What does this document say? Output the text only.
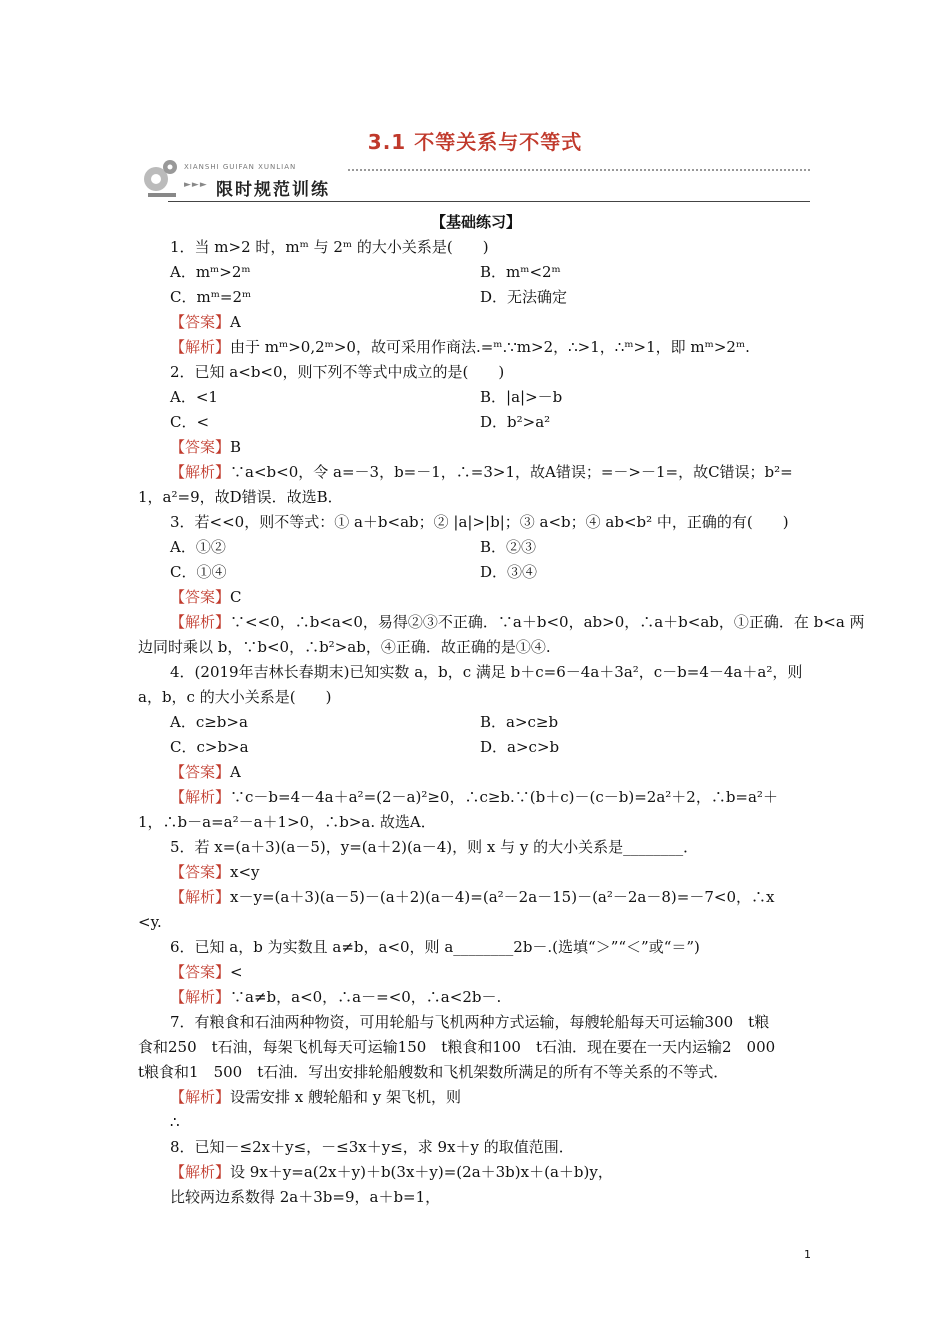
3.1 不等关系与不等式
XIANSHI GUIFAN XUNLIAN
►►► 限时规范训练
【基础练习】
1．当 m>2 时，mᵐ 与 2ᵐ 的大小关系是(　　)
A．mᵐ>2ᵐ	B．mᵐ<2ᵐ
C．mᵐ=2ᵐ	D．无法确定
【答案】A
【解析】由于 mᵐ>0,2ᵐ>0，故可采用作商法.=ᵐ.∵m>2，∴>1，∴ᵐ>1，即 mᵐ>2ᵐ.
2．已知 a<b<0，则下列不等式中成立的是(　　)
A．<1	B．|a|>－b
C．<	D．b²>a²
【答案】B
【解析】∵a<b<0，令 a=－3，b=－1，∴=3>1，故A错误；=－>－1=，故C错误；b²=
1，a²=9，故D错误．故选B．
3．若<<0，则不等式：① a＋b<ab；② |a|>|b|；③ a<b；④ ab<b² 中，正确的有(　　)
A．①②	B．②③
C．①④	D．③④
【答案】C
【解析】∵<<0，∴b<a<0，易得②③不正确．∵a＋b<0，ab>0，∴a＋b<ab，①正确．在 b<a 两
边同时乘以 b，∵b<0，∴b²>ab，④正确．故正确的是①④.
4．(2019年吉林长春期末)已知实数 a，b，c 满足 b＋c=6－4a＋3a²，c－b=4－4a＋a²，则
a，b，c 的大小关系是(　　)
A．c≥b>a	B．a>c≥b
C．c>b>a	D．a>c>b
【答案】A
【解析】∵c－b=4－4a＋a²=(2－a)²≥0，∴c≥b.∵(b＋c)－(c－b)=2a²＋2，∴b=a²＋
1，∴b－a=a²－a＋1>0，∴b>a. 故选A．
5．若 x=(a＋3)(a－5)，y=(a＋2)(a－4)，则 x 与 y 的大小关系是________．
【答案】x<y
【解析】x－y=(a＋3)(a－5)－(a＋2)(a－4)=(a²－2a－15)－(a²－2a－8)=－7<0，∴x
<y.
6．已知 a，b 为实数且 a≠b，a<0，则 a________2b－.(选填“＞”“＜”或“＝”)
【答案】<
【解析】∵a≠b，a<0，∴a－=<0，∴a<2b－.
7．有粮食和石油两种物资，可用轮船与飞机两种方式运输，每艘轮船每天可运输300　t粮
食和250　t石油，每架飞机每天可运输150　t粮食和100　t石油．现在要在一天内运输2　000
t粮食和1　500　t石油．写出安排轮船艘数和飞机架数所满足的所有不等关系的不等式．
【解析】设需安排 x 艘轮船和 y 架飞机，则
∴
8．已知－≤2x＋y≤，－≤3x＋y≤，求 9x＋y 的取值范围．
【解析】设 9x＋y=a(2x＋y)＋b(3x＋y)=(2a＋3b)x＋(a＋b)y，
比较两边系数得 2a＋3b=9，a＋b=1，
1
